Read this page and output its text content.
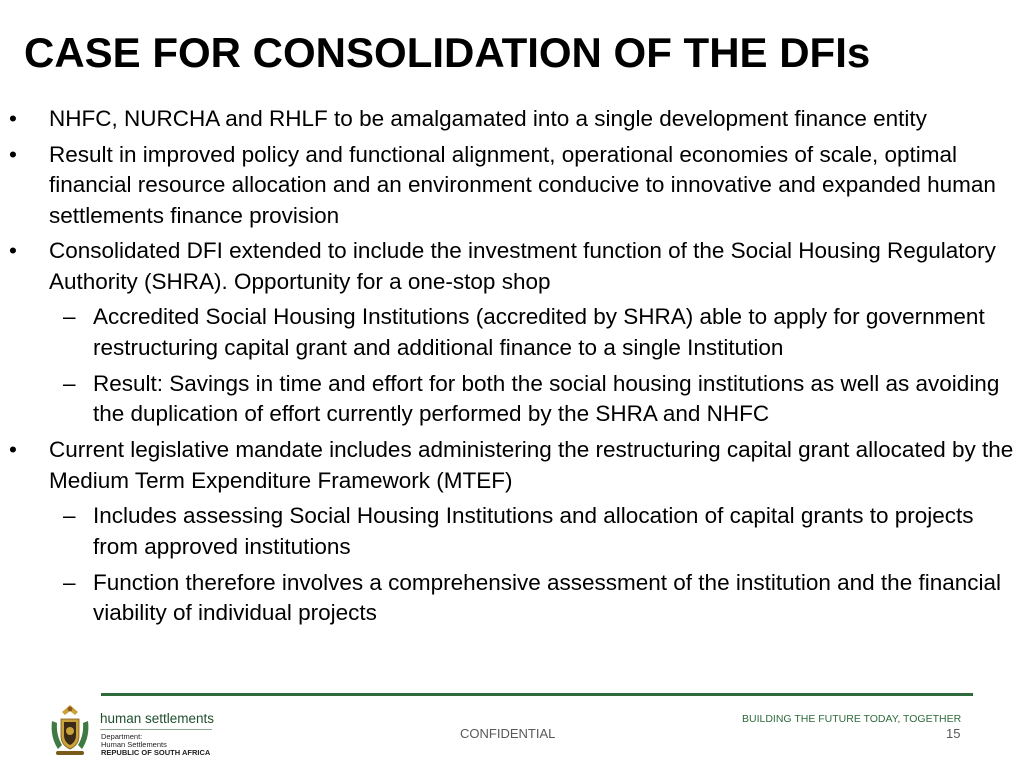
CASE FOR CONSOLIDATION OF THE DFIs
• NHFC, NURCHA and RHLF to be amalgamated into a single development finance entity
• Result in improved policy and functional alignment, operational economies of scale, optimal financial resource allocation and an environment conducive to innovative and expanded human settlements finance provision
• Consolidated DFI extended to include the investment function of the Social Housing Regulatory Authority (SHRA). Opportunity for a one-stop shop
– Accredited Social Housing Institutions (accredited by SHRA) able to apply for government restructuring capital grant and additional finance to a single Institution
– Result: Savings in time and effort for both the social housing institutions as well as avoiding the duplication of effort currently performed by the SHRA and NHFC
• Current legislative mandate includes administering the restructuring capital grant allocated by the Medium Term Expenditure Framework (MTEF)
– Includes assessing Social Housing Institutions and allocation of capital grants to projects from approved institutions
– Function therefore involves a comprehensive assessment of the institution and the financial viability of individual projects
human settlements
Department:
Human Settlements
REPUBLIC OF SOUTH AFRICA
BUILDING THE FUTURE TODAY, TOGETHER
CONFIDENTIAL	15
